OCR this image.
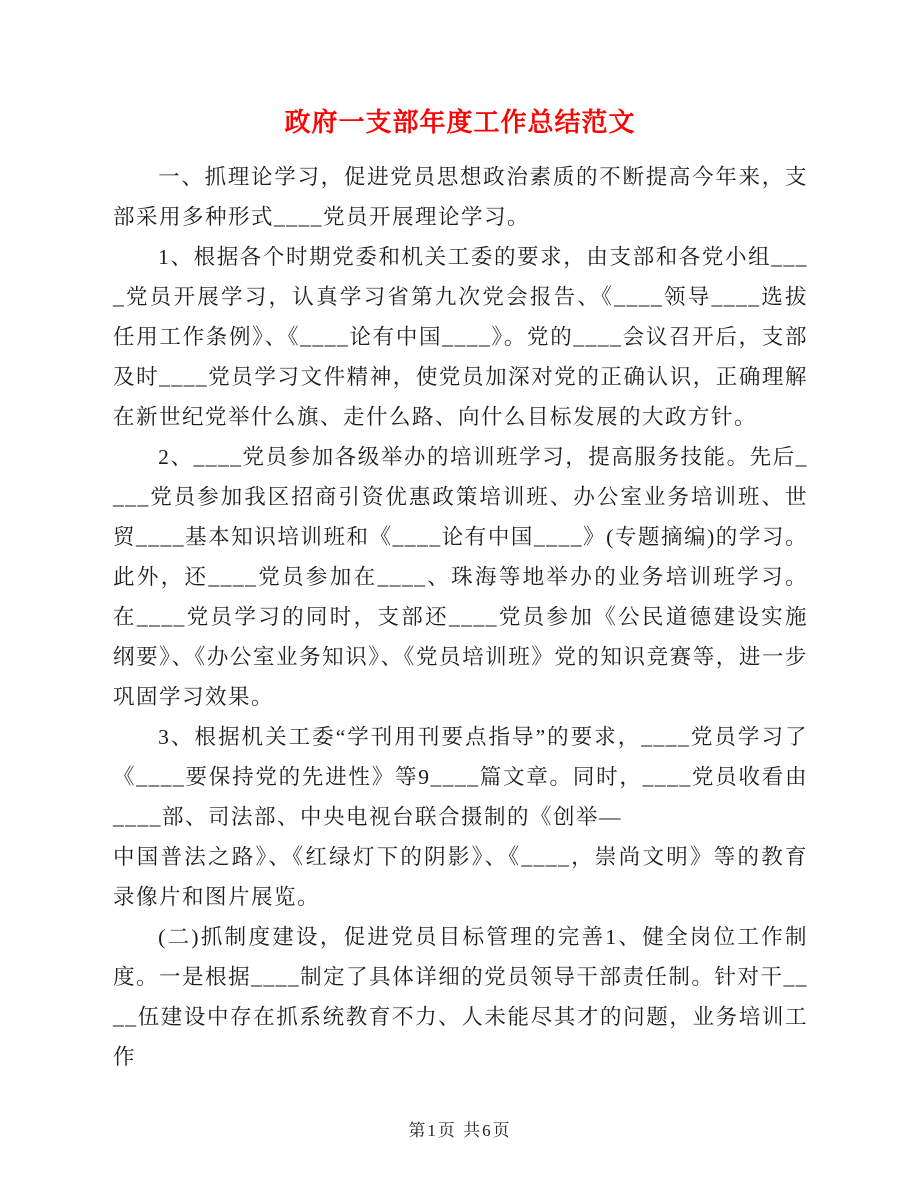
政府一支部年度工作总结范文

一、抓理论学习，促进党员思想政治素质的不断提高今年来，支部采用多种形式____党员开展理论学习。

1、根据各个时期党委和机关工委的要求，由支部和各党小组____党员开展学习，认真学习省第九次党会报告、《____领导____选拔任用工作条例》、《____论有中国____》。党的____会议召开后，支部及时____党员学习文件精神，使党员加深对党的正确认识，正确理解在新世纪党举什么旗、走什么路、向什么目标发展的大政方针。

2、____党员参加各级举办的培训班学习，提高服务技能。先后____党员参加我区招商引资优惠政策培训班、办公室业务培训班、世贸____基本知识培训班和《____论有中国____》(专题摘编)的学习。此外，还____党员参加在____、珠海等地举办的业务培训班学习。在____党员学习的同时，支部还____党员参加《公民道德建设实施纲要》、《办公室业务知识》、《党员培训班》党的知识竞赛等，进一步巩固学习效果。

3、根据机关工委“学刊用刊要点指导”的要求，____党员学习了《____要保持党的先进性》等9____篇文章。同时，____党员收看由____部、司法部、中央电视台联合摄制的《创举—

中国普法之路》、《红绿灯下的阴影》、《____，崇尚文明》等的教育录像片和图片展览。

(二)抓制度建设，促进党员目标管理的完善1、健全岗位工作制度。一是根据____制定了具体详细的党员领导干部责任制。针对干____伍建设中存在抓系统教育不力、人未能尽其才的问题，业务培训工作

第1页 共6页
